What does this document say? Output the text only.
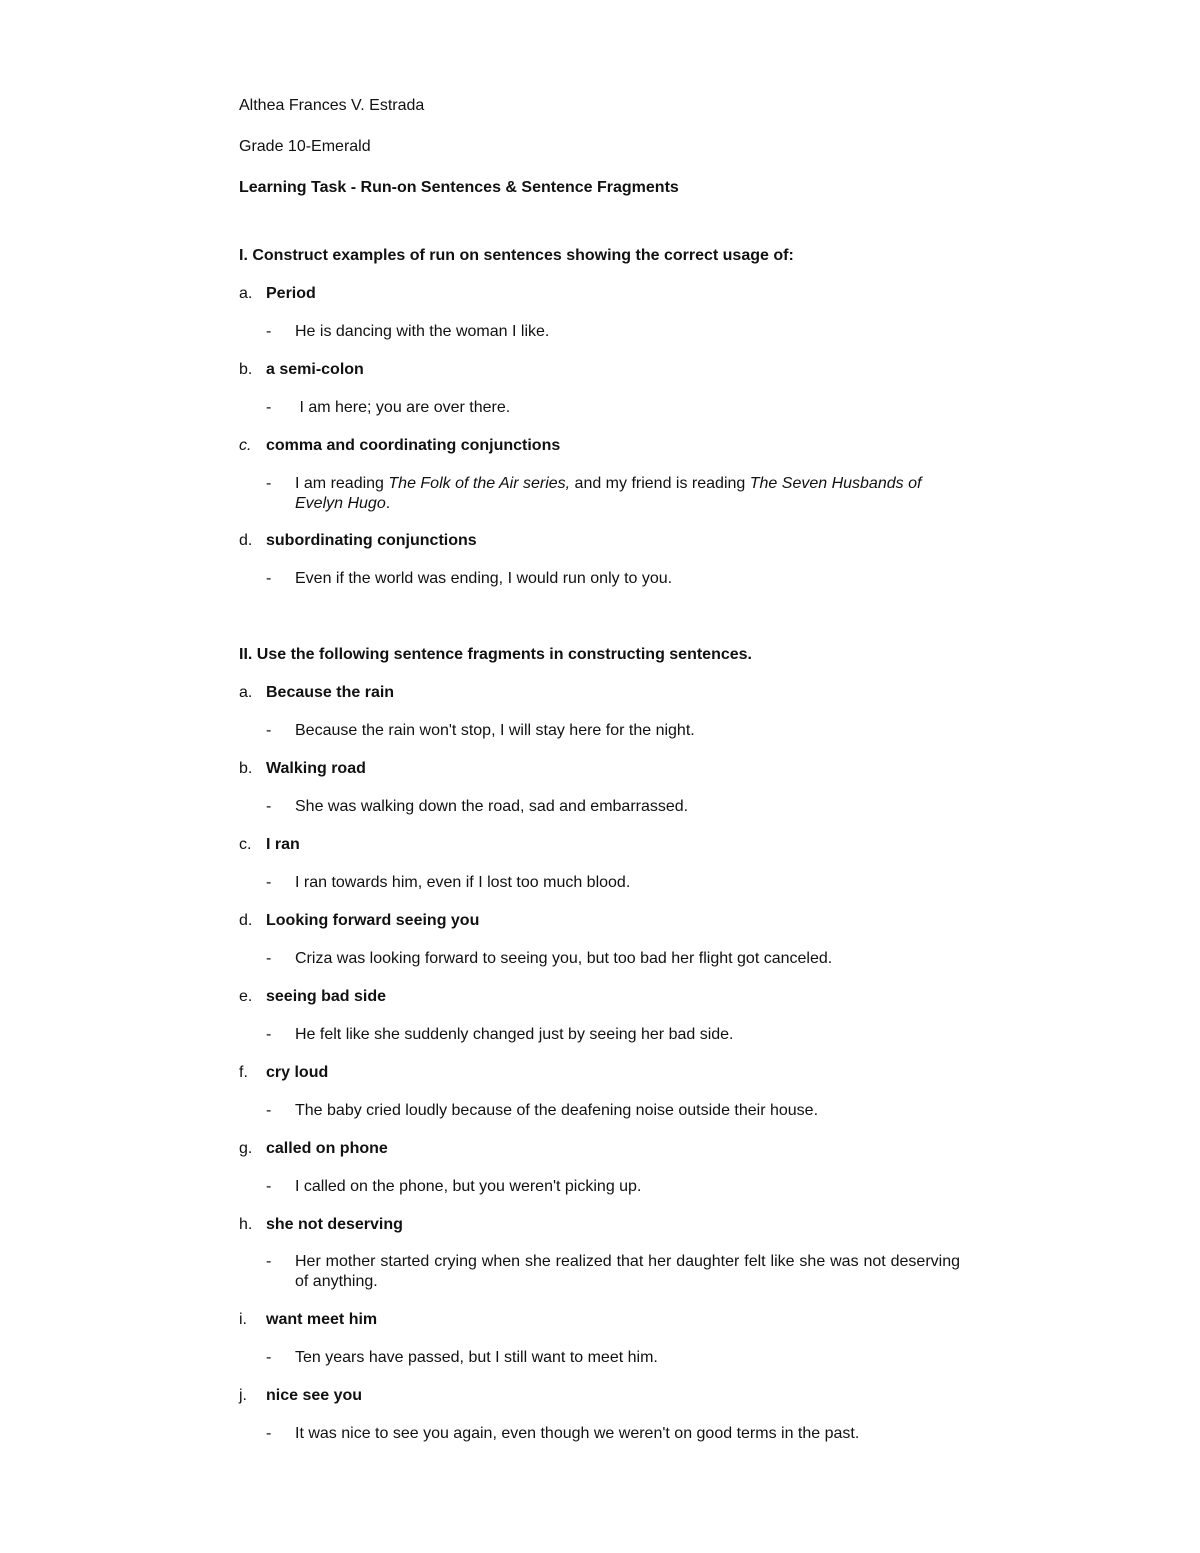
Althea Frances V. Estrada
Grade 10-Emerald
Learning Task - Run-on Sentences & Sentence Fragments
I. Construct examples of run on sentences showing the correct usage of:
a. Period
- He is dancing with the woman I like.
b. a semi-colon
- I am here; you are over there.
c. comma and coordinating conjunctions
- I am reading The Folk of the Air series, and my friend is reading The Seven Husbands of Evelyn Hugo.
d. subordinating conjunctions
- Even if the world was ending, I would run only to you.
II. Use the following sentence fragments in constructing sentences.
a. Because the rain
- Because the rain won't stop, I will stay here for the night.
b. Walking road
- She was walking down the road, sad and embarrassed.
c. I ran
- I ran towards him, even if I lost too much blood.
d. Looking forward seeing you
- Criza was looking forward to seeing you, but too bad her flight got canceled.
e. seeing bad side
- He felt like she suddenly changed just by seeing her bad side.
f. cry loud
- The baby cried loudly because of the deafening noise outside their house.
g. called on phone
- I called on the phone, but you weren't picking up.
h. she not deserving
- Her mother started crying when she realized that her daughter felt like she was not deserving of anything.
i. want meet him
- Ten years have passed, but I still want to meet him.
j. nice see you
- It was nice to see you again, even though we weren't on good terms in the past.
